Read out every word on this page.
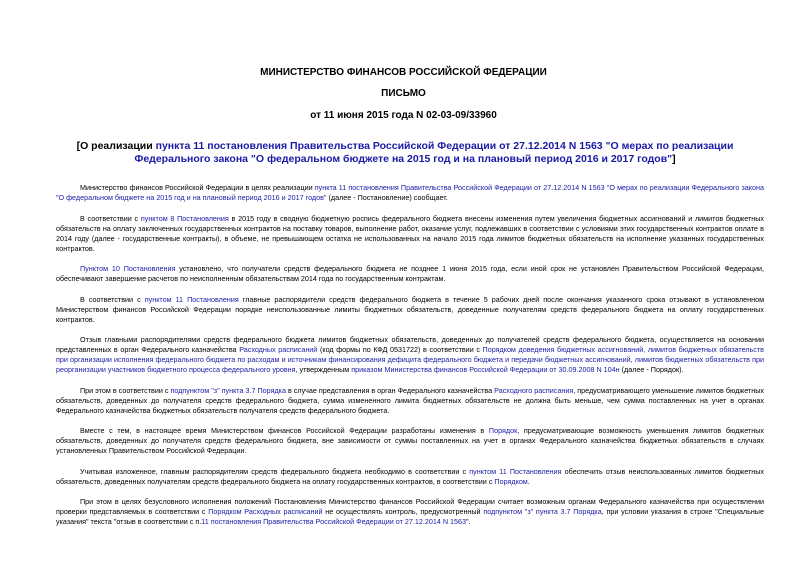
МИНИСТЕРСТВО ФИНАНСОВ РОССИЙСКОЙ ФЕДЕРАЦИИ
ПИСЬМО
от 11 июня 2015 года N 02-03-09/33960
[О реализации пункта 11 постановления Правительства Российской Федерации от 27.12.2014 N 1563 "О мерах по реализации Федерального закона "О федеральном бюджете на 2015 год и на плановый период 2016 и 2017 годов"]

Министерство финансов Российской Федерации в целях реализации пункта 11 постановления Правительства Российской Федерации от 27.12.2014 N 1563 "О мерах по реализации Федерального закона "О федеральном бюджете на 2015 год и на плановый период 2016 и 2017 годов" (далее - Постановление) сообщает.

В соответствии с пунктом 8 Постановления в 2015 году в сводную бюджетную роспись федерального бюджета внесены изменения путем увеличения бюджетных ассигнований и лимитов бюджетных обязательств на оплату заключенных государственных контрактов на поставку товаров, выполнение работ, оказание услуг, подлежавших в соответствии с условиями этих государственных контрактов оплате в 2014 году (далее - государственные контракты), в объеме, не превышающем остатка не использованных на начало 2015 года лимитов бюджетных обязательств на исполнение указанных государственных контрактов.

Пунктом 10 Постановления установлено, что получатели средств федерального бюджета не позднее 1 июня 2015 года, если иной срок не установлен Правительством Российской Федерации, обеспечивают завершение расчетов по неисполненным обязательствам 2014 года по государственным контрактам.

В соответствии с пунктом 11 Постановления главные распорядители средств федерального бюджета в течение 5 рабочих дней после окончания указанного срока отзывают в установленном Министерством финансов Российской Федерации порядке неиспользованные лимиты бюджетных обязательств, доведенные получателям средств федерального бюджета на оплату государственных контрактов.

Отзыв главными распорядителями средств федерального бюджета лимитов бюджетных обязательств, доведенных до получателей средств федерального бюджета, осуществляется на основании представленных в орган Федерального казначейства Расходных расписаний (код формы по КФД 0531722) в соответствии с Порядком доведения бюджетных ассигнований, лимитов бюджетных обязательств при организации исполнения федерального бюджета по расходам и источникам финансирования дефицита федерального бюджета и передачи бюджетных ассигнований, лимитов бюджетных обязательств при реорганизации участников бюджетного процесса федерального уровня, утвержденным приказом Министерства финансов Российской Федерации от 30.09.2008 N 104н (далее - Порядок).

При этом в соответствии с подпунктом "з" пункта 3.7 Порядка в случае представления в орган Федерального казначейства Расходного расписания, предусматривающего уменьшение лимитов бюджетных обязательств, доведенных до получателя средств федерального бюджета, сумма измененного лимита бюджетных обязательств не должна быть меньше, чем сумма поставленных на учет в органах Федерального казначейства бюджетных обязательств получателя средств федерального бюджета.

Вместе с тем, в настоящее время Министерством финансов Российской Федерации разработаны изменения в Порядок, предусматривающие возможность уменьшения лимитов бюджетных обязательств, доведенных до получателя средств федерального бюджета, вне зависимости от суммы поставленных на учет в органах Федерального казначейства бюджетных обязательств в случаях установленных Правительством Российской Федерации.

Учитывая изложенное, главным распорядителям средств федерального бюджета необходимо в соответствии с пунктом 11 Постановления обеспечить отзыв неиспользованных лимитов бюджетных обязательств, доведенных получателям средств федерального бюджета на оплату государственных контрактов, в соответствии с Порядком.

При этом в целях безусловного исполнения положений Постановления Министерство финансов Российской Федерации считает возможным органам Федерального казначейства при осуществлении проверки представляемых в соответствии с Порядком Расходных расписаний не осуществлять контроль, предусмотренный подпунктом "з" пункта 3.7 Порядка, при условии указания в строке "Специальные указания" текста "отзыв в соответствии с п.11 постановления Правительства Российской Федерации от 27.12.2014 N 1563".
